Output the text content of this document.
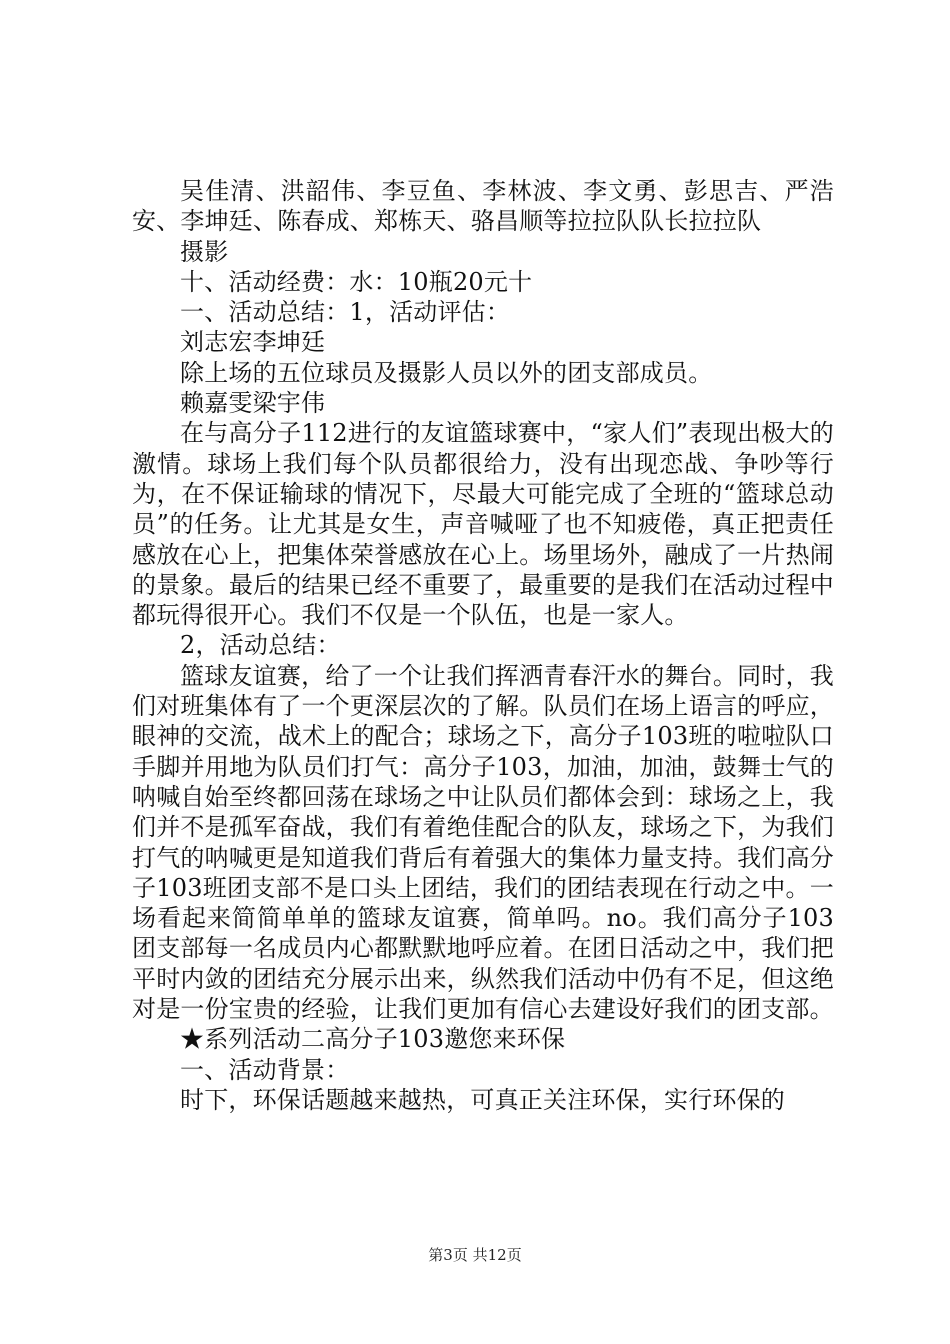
吴佳清、洪韶伟、李豆鱼、李林波、李文勇、彭思吉、严浩安、李坤廷、陈春成、郑栋天、骆昌顺等拉拉队队长拉拉队

摄影

十、活动经费：水：10瓶20元十

一、活动总结：1，活动评估：

刘志宏李坤廷

除上场的五位球员及摄影人员以外的团支部成员。

赖嘉雯梁宇伟

在与高分子112进行的友谊篮球赛中，“家人们”表现出极大的激情。球场上我们每个队员都很给力，没有出现恋战、争吵等行为，在不保证输球的情况下，尽最大可能完成了全班的“篮球总动员”的任务。让尤其是女生，声音喊哑了也不知疲倦，真正把责任感放在心上，把集体荣誉感放在心上。场里场外，融成了一片热闹的景象。最后的结果已经不重要了，最重要的是我们在活动过程中都玩得很开心。我们不仅是一个队伍，也是一家人。

2，活动总结：

篮球友谊赛，给了一个让我们挥洒青春汗水的舞台。同时，我们对班集体有了一个更深层次的了解。队员们在场上语言的呼应，眼神的交流，战术上的配合；球场之下，高分子103班的啦啦队口手脚并用地为队员们打气：高分子103，加油，加油，鼓舞士气的呐喊自始至终都回荡在球场之中让队员们都体会到：球场之上，我们并不是孤军奋战，我们有着绝佳配合的队友，球场之下，为我们打气的呐喊更是知道我们背后有着强大的集体力量支持。我们高分子103班团支部不是口头上团结，我们的团结表现在行动之中。一场看起来简简单单的篮球友谊赛，简单吗。no。我们高分子103团支部每一名成员内心都默默地呼应着。在团日活动之中，我们把平时内敛的团结充分展示出来，纵然我们活动中仍有不足，但这绝对是一份宝贵的经验，让我们更加有信心去建设好我们的团支部。

★系列活动二高分子103邀您来环保

一、活动背景：

时下，环保话题越来越热，可真正关注环保，实行环保的

第3页 共12页
